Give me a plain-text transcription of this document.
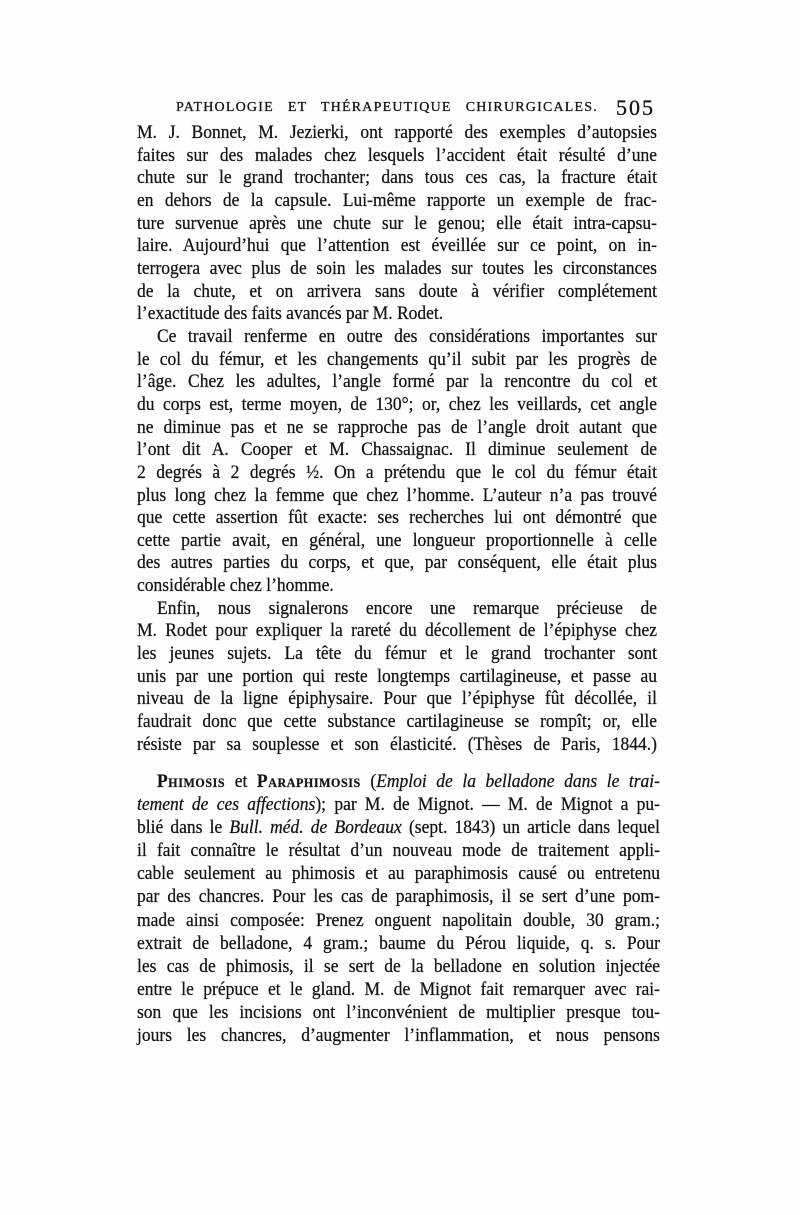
PATHOLOGIE ET THÉRAPEUTIQUE CHIRURGICALES. 505
M. J. Bonnet, M. Jezierki, ont rapporté des exemples d’autopsies
faites sur des malades chez lesquels l’accident était résulté d’une
chute sur le grand trochanter; dans tous ces cas, la fracture était
en dehors de la capsule. Lui-même rapporte un exemple de frac-
ture survenue après une chute sur le genou; elle était intra-capsu-
laire. Aujourd’hui que l’attention est éveillée sur ce point, on in-
terrogera avec plus de soin les malades sur toutes les circonstances
de la chute, et on arrivera sans doute à vérifier complétement
l’exactitude des faits avancés par M. Rodet.
Ce travail renferme en outre des considérations importantes sur
le col du fémur, et les changements qu’il subit par les progrès de
l’âge. Chez les adultes, l’angle formé par la rencontre du col et
du corps est, terme moyen, de 130°; or, chez les veillards, cet angle
ne diminue pas et ne se rapproche pas de l’angle droit autant que
l’ont dit A. Cooper et M. Chassaignac. Il diminue seulement de
2 degrés à 2 degrés ½. On a prétendu que le col du fémur était
plus long chez la femme que chez l’homme. L’auteur n’a pas trouvé
que cette assertion fût exacte: ses recherches lui ont démontré que
cette partie avait, en général, une longueur proportionnelle à celle
des autres parties du corps, et que, par conséquent, elle était plus
considérable chez l’homme.
Enfin, nous signalerons encore une remarque précieuse de
M. Rodet pour expliquer la rareté du décollement de l’épiphyse chez
les jeunes sujets. La tête du fémur et le grand trochanter sont
unis par une portion qui reste longtemps cartilagineuse, et passe au
niveau de la ligne épiphysaire. Pour que l’épiphyse fût décollée, il
faudrait donc que cette substance cartilagineuse se rompît; or, elle
résiste par sa souplesse et son élasticité. (Thèses de Paris, 1844.)
Phimosis et Paraphimosis (Emploi de la belladone dans le trai-
tement de ces affections); par M. de Mignot. — M. de Mignot a pu-
blié dans le Bull. méd. de Bordeaux (sept. 1843) un article dans lequel
il fait connaître le résultat d’un nouveau mode de traitement appli-
cable seulement au phimosis et au paraphimosis causé ou entretenu
par des chancres. Pour les cas de paraphimosis, il se sert d’une pom-
made ainsi composée: Prenez onguent napolitain double, 30 gram.;
extrait de belladone, 4 gram.; baume du Pérou liquide, q. s. Pour
les cas de phimosis, il se sert de la belladone en solution injectée
entre le prépuce et le gland. M. de Mignot fait remarquer avec rai-
son que les incisions ont l’inconvénient de multiplier presque tou-
jours les chancres, d’augmenter l’inflammation, et nous pensons
